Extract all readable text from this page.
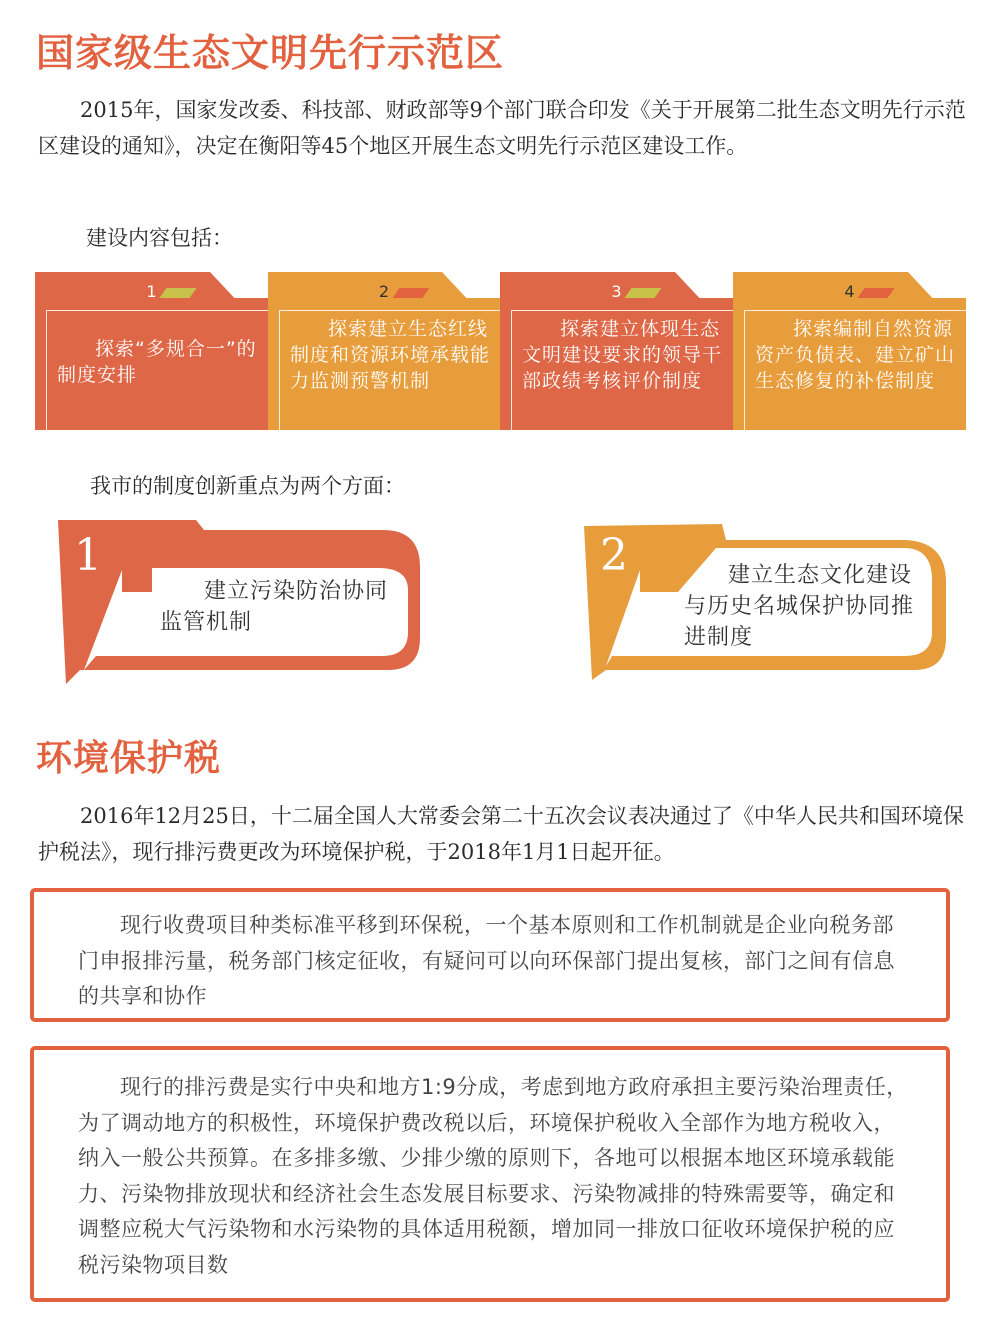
国家级生态文明先行示范区

2015年，国家发改委、科技部、财政部等9个部门联合印发《关于开展第二批生态文明先行示范区建设的通知》，决定在衡阳等45个地区开展生态文明先行示范区建设工作。

建设内容包括：

1

探索“多规合一”的制度安排

2

探索建立生态红线制度和资源环境承载能力监测预警机制

3

探索建立体现生态文明建设要求的领导干部政绩考核评价制度

4

探索编制自然资源资产负债表、建立矿山生态修复的补偿制度

我市的制度创新重点为两个方面：

1

建立污染防治协同监管机制

2	建立生态文化建设与历史名城保护协同推进制度

环境保护税

2016年12月25日，十二届全国人大常委会第二十五次会议表决通过了《中华人民共和国环境保护税法》，现行排污费更改为环境保护税，于2018年1月1日起开征。

现行收费项目种类标准平移到环保税，一个基本原则和工作机制就是企业向税务部门申报排污量，税务部门核定征收，有疑问可以向环保部门提出复核，部门之间有信息的共享和协作

现行的排污费是实行中央和地方1:9分成，考虑到地方政府承担主要污染治理责任，为了调动地方的积极性，环境保护费改税以后，环境保护税收入全部作为地方税收入，纳入一般公共预算。在多排多缴、少排少缴的原则下，各地可以根据本地区环境承载能力、污染物排放现状和经济社会生态发展目标要求、污染物减排的特殊需要等，确定和调整应税大气污染物和水污染物的具体适用税额，增加同一排放口征收环境保护税的应税污染物项目数
